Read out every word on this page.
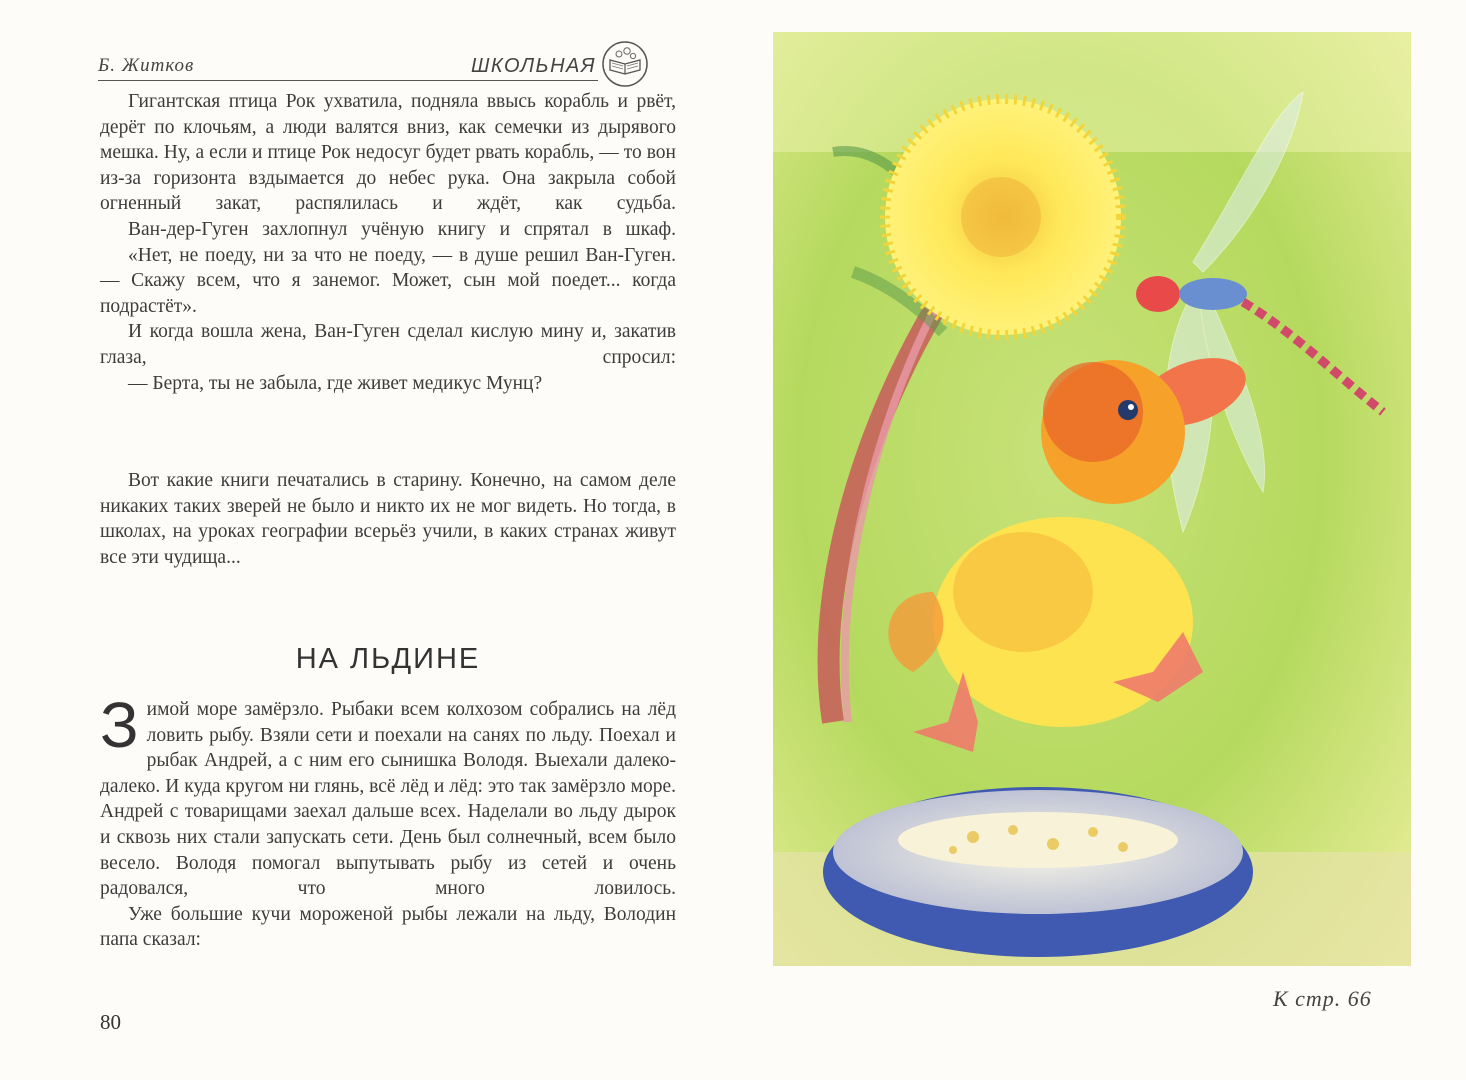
Б. Житков	ШКОЛЬНАЯ

Гигантская птица Рок ухватила, подняла ввысь корабль и рвёт, дерёт по клочьям, а люди валятся вниз, как семечки из дырявого мешка. Ну, а если и птице Рок недосуг будет рвать корабль, — то вон из-за горизонта вздымается до небес рука. Она закрыла собой огненный закат, распялилась и ждёт, как судьба.

Ван-дер-Гуген захлопнул учёную книгу и спрятал в шкаф.

«Нет, не поеду, ни за что не поеду, — в душе решил Ван-Гуген. — Скажу всем, что я занемог. Может, сын мой поедет... когда подрастёт».

И когда вошла жена, Ван-Гуген сделал кислую мину и, закатив глаза, спросил:

— Берта, ты не забыла, где живет медикус Мунц?

Вот какие книги печатались в старину. Конечно, на самом деле никаких таких зверей не было и никто их не мог видеть. Но тогда, в школах, на уроках географии всерьёз учили, в каких странах живут все эти чудища...

НА ЛЬДИНЕ

Зимой море замёрзло. Рыбаки всем колхозом собрались на лёд ловить рыбу. Взяли сети и поехали на санях по льду. Поехал и рыбак Андрей, а с ним его сынишка Володя. Выехали далеко-далеко. И куда кругом ни глянь, всё лёд и лёд: это так замёрзло море. Андрей с товарищами заехал дальше всех. Наделали во льду дырок и сквозь них стали запускать сети. День был солнечный, всем было весело. Володя помогал выпутывать рыбу из сетей и очень радовался, что много ловилось.

Уже большие кучи мороженой рыбы лежали на льду, Володин папа сказал:

80
К стр. 66
